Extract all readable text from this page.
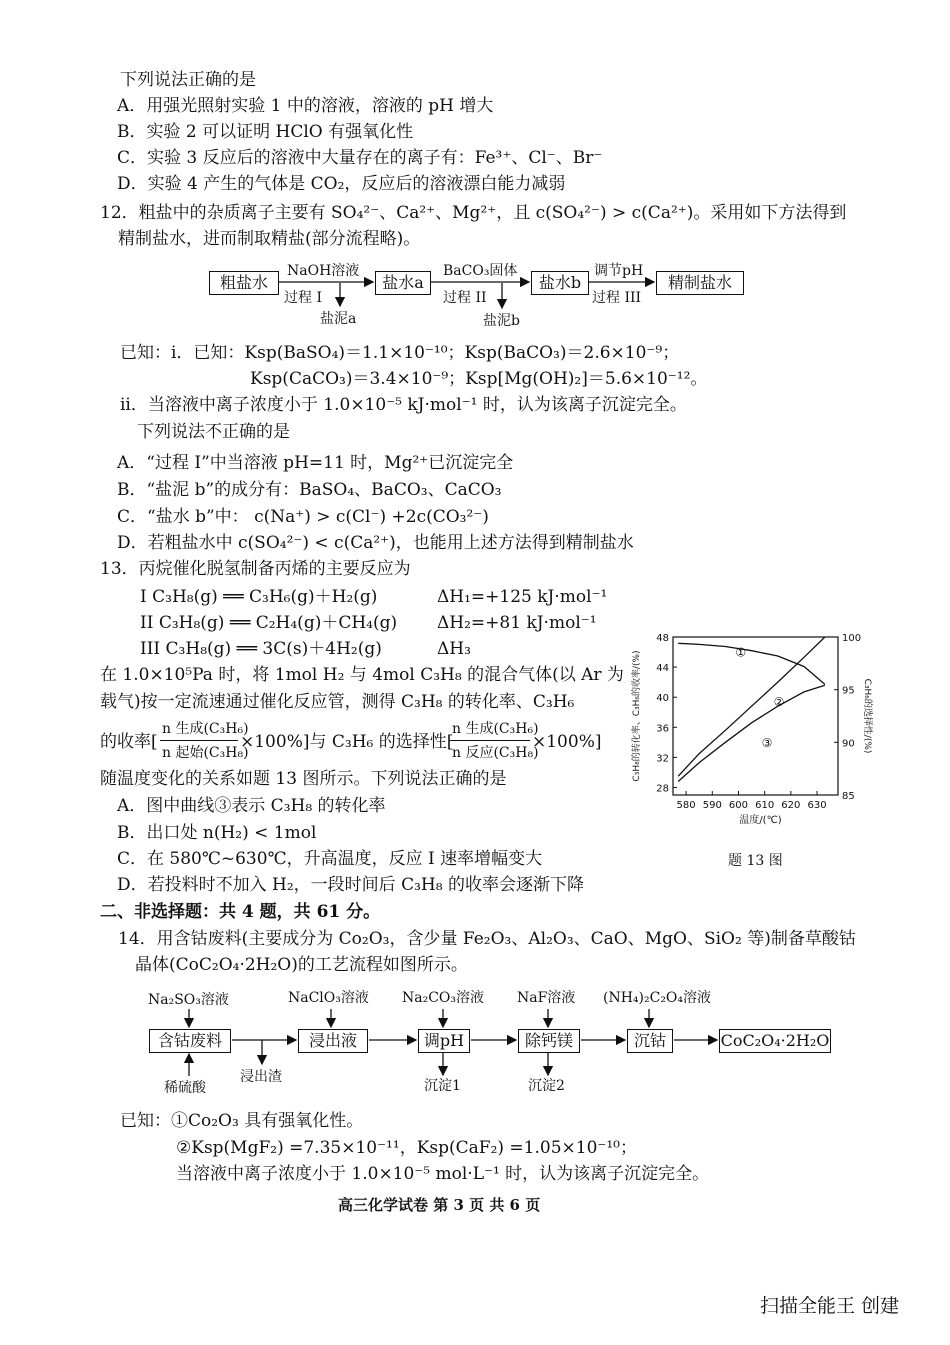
下列说法正确的是
A．用强光照射实验 1 中的溶液，溶液的 pH 增大
B．实验 2 可以证明 HClO 有强氧化性
C．实验 3 反应后的溶液中大量存在的离子有：Fe³⁺、Cl⁻、Br⁻
D．实验 4 产生的气体是 CO₂，反应后的溶液漂白能力减弱
12．粗盐中的杂质离子主要有 SO₄²⁻、Ca²⁺、Mg²⁺，且 c(SO₄²⁻) > c(Ca²⁺)。采用如下方法得到
精制盐水，进而制取精盐(部分流程略)。
粗盐水	盐水a	盐水b	精制盐水
NaOH溶液	BaCO₃固体	调节pH
过程 I	过程 II	过程 III
盐泥a	盐泥b
已知：i．已知：Ksp(BaSO₄)＝1.1×10⁻¹⁰；Ksp(BaCO₃)＝2.6×10⁻⁹；
Ksp(CaCO₃)＝3.4×10⁻⁹；Ksp[Mg(OH)₂]＝5.6×10⁻¹²。
ii．当溶液中离子浓度小于 1.0×10⁻⁵ kJ·mol⁻¹ 时，认为该离子沉淀完全。
下列说法不正确的是
A．“过程 I”中当溶液 pH=11 时，Mg²⁺已沉淀完全
B．“盐泥 b”的成分有：BaSO₄、BaCO₃、CaCO₃
C．“盐水 b”中： c(Na⁺) > c(Cl⁻) +2c(CO₃²⁻)
D．若粗盐水中 c(SO₄²⁻) < c(Ca²⁺)，也能用上述方法得到精制盐水
13．丙烷催化脱氢制备丙烯的主要反应为
I C₃H₈(g) ══ C₃H₆(g)＋H₂(g)	ΔH₁=+125 kJ·mol⁻¹
II C₃H₈(g) ══ C₂H₄(g)＋CH₄(g) ΔH₂=+81 kJ·mol⁻¹
III C₃H₈(g) ══ 3C(s)＋4H₂(g)	ΔH₃
在 1.0×10⁵Pa 时，将 1mol H₂ 与 4mol C₃H₈ 的混合气体(以 Ar 为
载气)按一定流速通过催化反应管，测得 C₃H₈ 的转化率、C₃H₆
的收率[
n 生成(C₃H₆)
n 起始(C₃H₈)
×100%]与 C₃H₆ 的选择性[
n 生成(C₃H₆)
n 反应(C₃H₈)
×100%]
随温度变化的关系如题 13 图所示。下列说法正确的是
A．图中曲线③表示 C₃H₈ 的转化率
B．出口处 n(H₂) < 1mol
C．在 580℃~630℃，升高温度，反应 I 速率增幅变大
D．若投料时不加入 H₂，一段时间后 C₃H₈ 的收率会逐渐下降
580 590 600 610 620 630
28
32
36
40
44
48
85
90
95
100
温度/(℃)
C₃H₈的转化率、C₃H₆的收率/(%)	C₃H₆的选择性/(%)
①
②
③
题 13 图
二、非选择题：共 4 题，共 61 分。
14．用含钴废料(主要成分为 Co₂O₃，含少量 Fe₂O₃、Al₂O₃、CaO、MgO、SiO₂ 等)制备草酸钴
晶体(CoC₂O₄·2H₂O)的工艺流程如图所示。
含钴废料	浸出液	调pH	除钙镁	沉钴	CoC₂O₄·2H₂O
Na₂SO₃溶液	NaClO₃溶液 Na₂CO₃溶液 NaF溶液 (NH₄)₂C₂O₄溶液
稀硫酸
浸出渣
沉淀1	沉淀2
已知：①Co₂O₃ 具有强氧化性。
②Ksp(MgF₂) =7.35×10⁻¹¹，Ksp(CaF₂) =1.05×10⁻¹⁰；
当溶液中离子浓度小于 1.0×10⁻⁵ mol·L⁻¹ 时，认为该离子沉淀完全。
高三化学试卷 第 3 页 共 6 页
扫描全能王 创建
